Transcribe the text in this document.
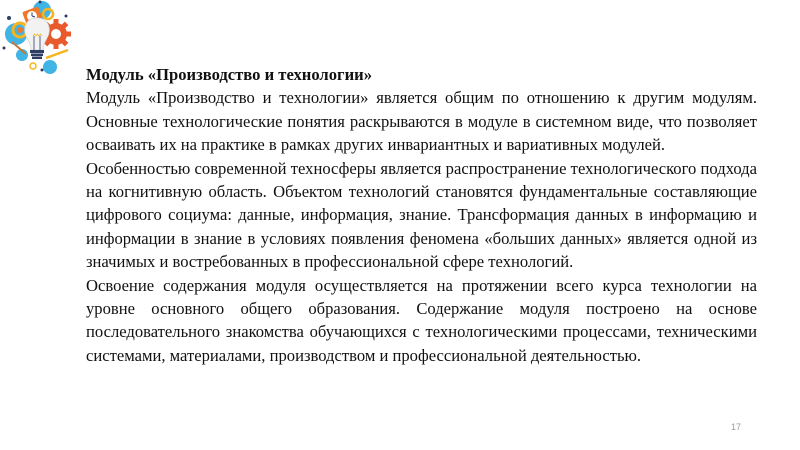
Модуль «Производство и технологии»

Модуль «Производство и технологии» является общим по отношению к другим модулям. Основные технологические понятия раскрываются в модуле в системном виде, что позволяет осваивать их на практике в рамках других инвариантных и вариативных модулей.

Особенностью современной техносферы является распространение технологического подхода на когнитивную область. Объектом технологий становятся фундаментальные составляющие цифрового социума: данные, информация, знание. Трансформация данных в информацию и информации в знание в условиях появления феномена «больших данных» является одной из значимых и востребованных в профессиональной сфере технологий.

Освоение содержания модуля осуществляется на протяжении всего курса технологии на уровне основного общего образования. Содержание модуля построено на основе последовательного знакомства обучающихся с технологическими процессами, техническими системами, материалами, производством и профессиональной деятельностью.

17
